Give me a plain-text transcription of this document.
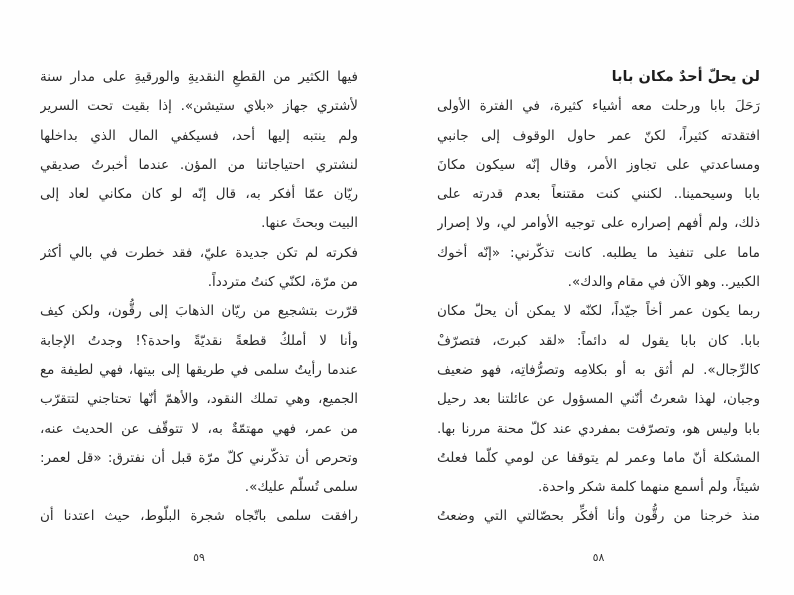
فيها الكثير من القطعِ النقديةِ والورقيةِ على مدار سنة
لأشتري جهاز «بلاي ستيشن». إذا بقيت تحت السرير
ولم ينتبه إليها أحد، فسيكفي المال الذي بداخلها
لنشتري احتياجاتنا من المؤن. عندما أخبرتُ صديقي
ريّان عمّا أفكر به، قال إنّه لو كان مكاني لعاد إلى
البيت وبحثَ عنها.
فكرته لم تكن جديدة عليّ، فقد خطرت في بالي أكثر
من مرّة، لكنّي كنتُ متردداً.
قرّرت بتشجيع من ريّان الذهابَ إلى رقُّون، ولكن كيف
وأنا لا أملكُ قطعةً نقديّةً واحدة؟! وجدتُ الإجابة
عندما رأيتُ سلمى في طريقها إلى بيتها، فهي لطيفة مع
الجميع، وهي تملك النقود، والأهمّ أنّها تحتاجني لتتقرّب
من عمر، فهي مهتمّةٌ به، لا تتوقّف عن الحديث عنه،
وتحرص أن تذكّرني كلّ مرّة قبل أن نفترق: «قل لعمر:
سلمى تُسلّم عليك».
رافقت سلمى باتّجاه شجرة البلّوط، حيث اعتدنا أن
٥٩
لن يحلّ أحدٌ مكان بابا
رَحَلَ بابا ورحلت معه أشياء كثيرة، في الفترة الأولى
افتقدته كثيراً، لكنّ عمر حاول الوقوف إلى جانبي
ومساعدتي على تجاوز الأمر، وقال إنّه سيكون مكانَ
بابا وسيحمينا.. لكنني كنت مقتنعاً بعدم قدرته على
ذلك، ولم أفهم إصراره على توجيه الأوامر لي، ولا إصرار
ماما على تنفيذ ما يطلبه. كانت تذكّرني: «إنّه أخوك
الكبير.. وهو الآن في مقام والدك».
ربما يكون عمر أخاً جيّداً، لكنّه لا يمكن أن يحلّ مكان
بابا. كان بابا يقول له دائماً: «لقد كبرتَ، فتصرّفْ
كالرِّجال». لم أثق به أو بكلامِه وتصرُّفاتِه، فهو ضعيف
وجبان، لهذا شعرتُ أنّني المسؤول عن عائلتنا بعد رحيل
بابا وليس هو، وتصرّفت بمفردي عند كلّ محنة مررنا بها.
المشكلة أنّ ماما وعمر لم يتوقفا عن لومي كلّما فعلتُ
شيئاً، ولم أسمع منهما كلمة شكر واحدة.
منذ خرجنا من رقُّون وأنا أفكِّر بحصّالتي التي وضعتُ
٥٨
